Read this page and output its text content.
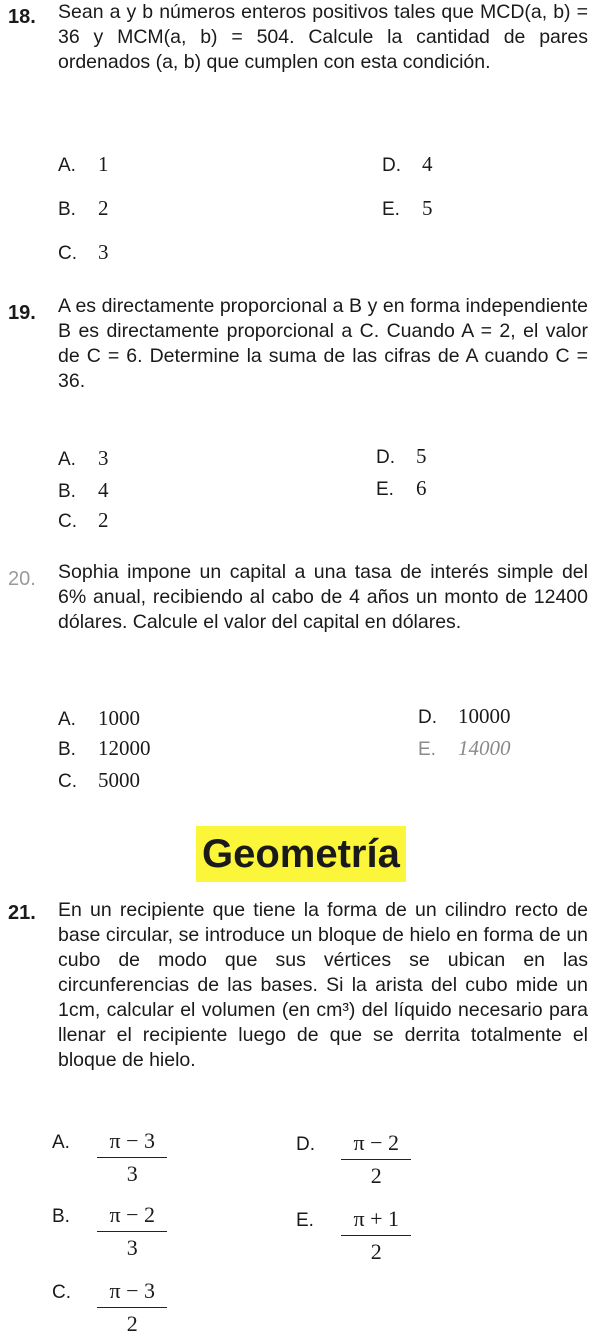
18. Sean a y b números enteros positivos tales que MCD(a, b) = 36 y MCM(a, b) = 504. Calcule la cantidad de pares ordenados (a, b) que cumplen con esta condición.
A. 1
B. 2
C. 3
D. 4
E. 5
19. A es directamente proporcional a B y en forma independiente B es directamente proporcional a C. Cuando A = 2, el valor de C = 6. Determine la suma de las cifras de A cuando C = 36.
A. 3
B. 4
C. 2
D. 5
E. 6
20. Sophia impone un capital a una tasa de interés simple del 6% anual, recibiendo al cabo de 4 años un monto de 12400 dólares. Calcule el valor del capital en dólares.
A. 1000
B. 12000
C. 5000
D. 10000
E. 14000
Geometría
21. En un recipiente que tiene la forma de un cilindro recto de base circular, se introduce un bloque de hielo en forma de un cubo de modo que sus vértices se ubican en las circunferencias de las bases. Si la arista del cubo mide un 1cm, calcular el volumen (en cm³) del líquido necesario para llenar el recipiente luego de que se derrita totalmente el bloque de hielo.
A. $\frac{\pi - 3}{3}$
B. $\frac{\pi - 2}{3}$
C. $\frac{\pi - 3}{2}$
D. $\frac{\pi - 2}{2}$
E. $\frac{\pi + 1}{2}$
